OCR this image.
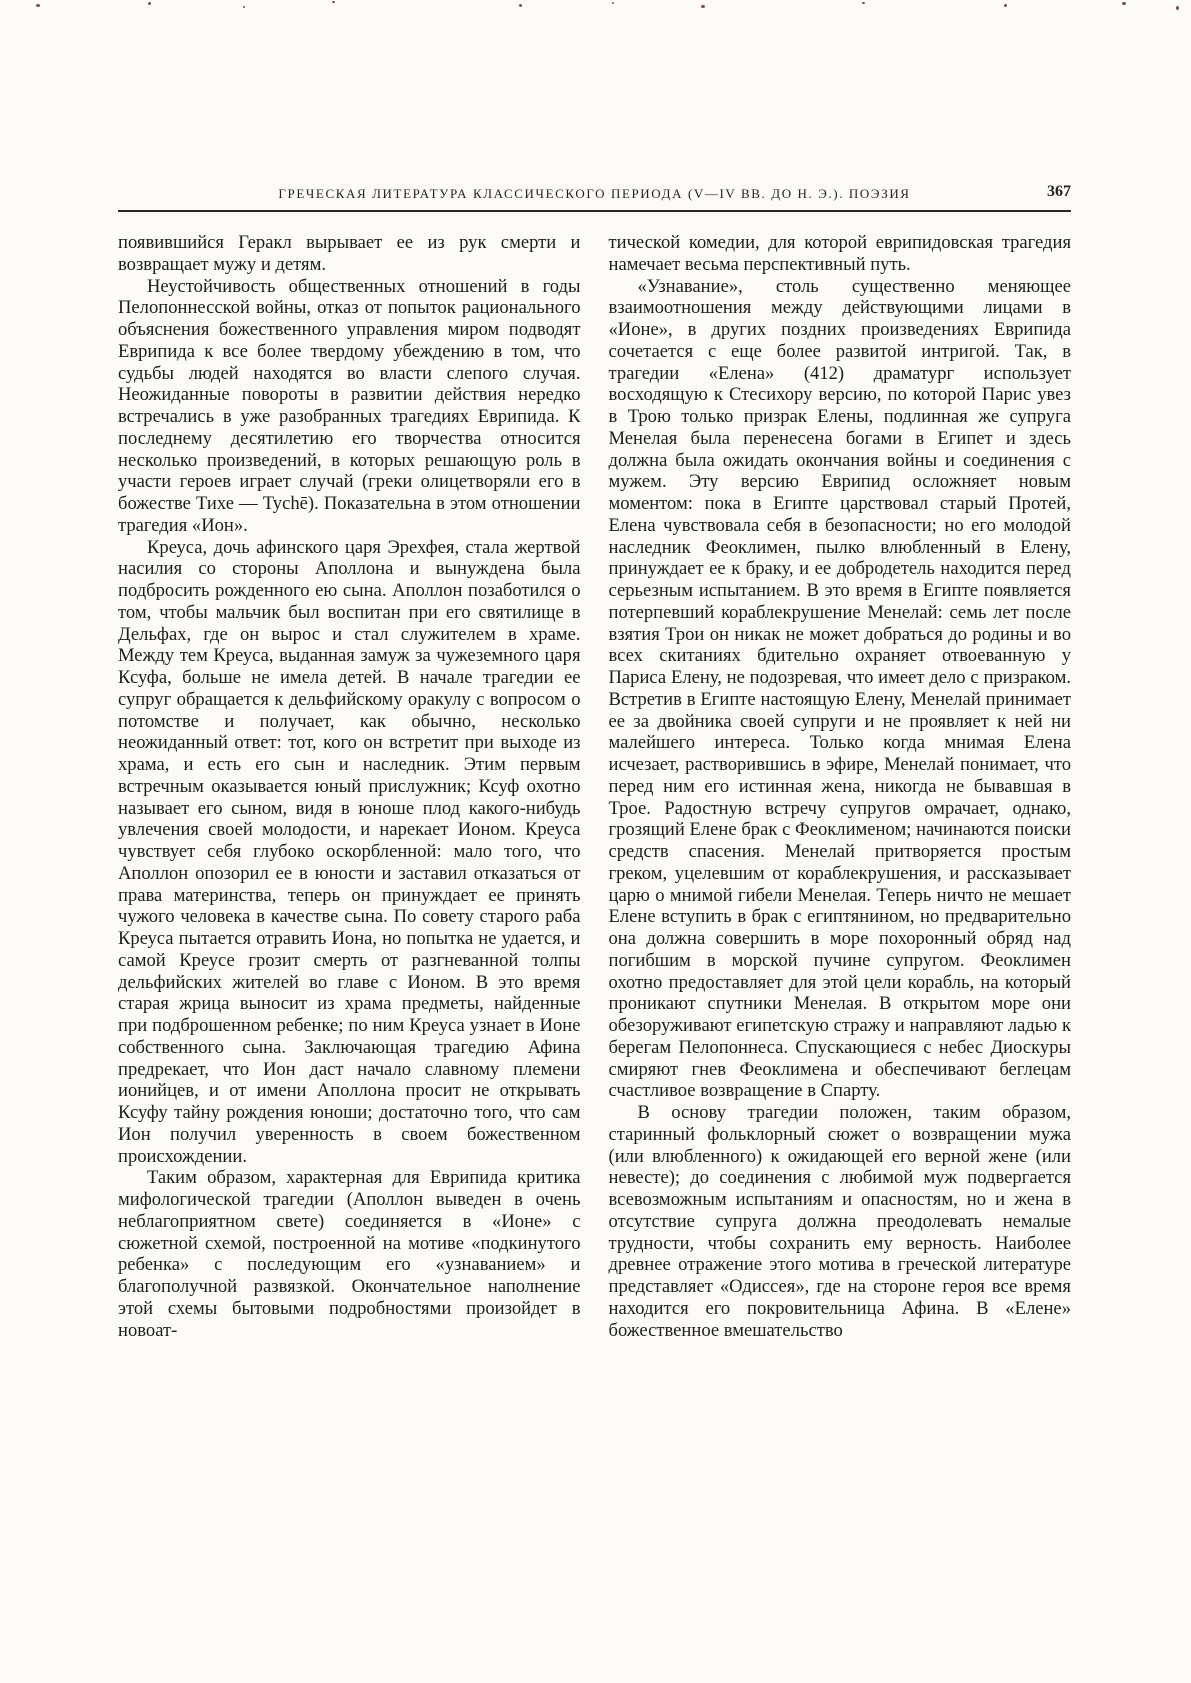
ГРЕЧЕСКАЯ ЛИТЕРАТУРА КЛАССИЧЕСКОГО ПЕРИОДА (V—IV ВВ. ДО Н. Э.). ПОЭЗИЯ	367

появившийся Геракл вырывает ее из рук смерти и возвращает мужу и детям.

Неустойчивость общественных отношений в годы Пелопоннесской войны, отказ от попыток рационального объяснения божественного управления миром подводят Еврипида к все более твердому убеждению в том, что судьбы людей находятся во власти слепого случая. Неожиданные повороты в развитии действия нередко встречались в уже разобранных трагедиях Еврипида. К последнему десятилетию его творчества относится несколько произведений, в которых решающую роль в участи героев играет случай (греки олицетворяли его в божестве Тихе — Tychē). Показательна в этом отношении трагедия «Ион».

Креуса, дочь афинского царя Эрехфея, стала жертвой насилия со стороны Аполлона и вынуждена была подбросить рожденного ею сына. Аполлон позаботился о том, чтобы мальчик был воспитан при его святилище в Дельфах, где он вырос и стал служителем в храме. Между тем Креуса, выданная замуж за чужеземного царя Ксуфа, больше не имела детей. В начале трагедии ее супруг обращается к дельфийскому оракулу с вопросом о потомстве и получает, как обычно, несколько неожиданный ответ: тот, кого он встретит при выходе из храма, и есть его сын и наследник. Этим первым встречным оказывается юный прислужник; Ксуф охотно называет его сыном, видя в юноше плод какого-нибудь увлечения своей молодости, и нарекает Ионом. Креуса чувствует себя глубоко оскорбленной: мало того, что Аполлон опозорил ее в юности и заставил отказаться от права материнства, теперь он принуждает ее принять чужого человека в качестве сына. По совету старого раба Креуса пытается отравить Иона, но попытка не удается, и самой Креусе грозит смерть от разгневанной толпы дельфийских жителей во главе с Ионом. В это время старая жрица выносит из храма предметы, найденные при подброшенном ребенке; по ним Креуса узнает в Ионе собственного сына. Заключающая трагедию Афина предрекает, что Ион даст начало славному племени ионийцев, и от имени Аполлона просит не открывать Ксуфу тайну рождения юноши; достаточно того, что сам Ион получил уверенность в своем божественном происхождении.

Таким образом, характерная для Еврипида критика мифологической трагедии (Аполлон выведен в очень неблагоприятном свете) соединяется в «Ионе» с сюжетной схемой, построенной на мотиве «подкинутого ребенка» с последующим его «узнаванием» и благополучной развязкой. Окончательное наполнение этой схемы бытовыми подробностями произойдет в новоат-

тической комедии, для которой еврипидовская трагедия намечает весьма перспективный путь.

«Узнавание», столь существенно меняющее взаимоотношения между действующими лицами в «Ионе», в других поздних произведениях Еврипида сочетается с еще более развитой интригой. Так, в трагедии «Елена» (412) драматург использует восходящую к Стесихору версию, по которой Парис увез в Трою только призрак Елены, подлинная же супруга Менелая была перенесена богами в Египет и здесь должна была ожидать окончания войны и соединения с мужем. Эту версию Еврипид осложняет новым моментом: пока в Египте царствовал старый Протей, Елена чувствовала себя в безопасности; но его молодой наследник Феоклимен, пылко влюбленный в Елену, принуждает ее к браку, и ее добродетель находится перед серьезным испытанием. В это время в Египте появляется потерпевший кораблекрушение Менелай: семь лет после взятия Трои он никак не может добраться до родины и во всех скитаниях бдительно охраняет отвоеванную у Париса Елену, не подозревая, что имеет дело с призраком. Встретив в Египте настоящую Елену, Менелай принимает ее за двойника своей супруги и не проявляет к ней ни малейшего интереса. Только когда мнимая Елена исчезает, растворившись в эфире, Менелай понимает, что перед ним его истинная жена, никогда не бывавшая в Трое. Радостную встречу супругов омрачает, однако, грозящий Елене брак с Феоклименом; начинаются поиски средств спасения. Менелай притворяется простым греком, уцелевшим от кораблекрушения, и рассказывает царю о мнимой гибели Менелая. Теперь ничто не мешает Елене вступить в брак с египтянином, но предварительно она должна совершить в море похоронный обряд над погибшим в морской пучине супругом. Феоклимен охотно предоставляет для этой цели корабль, на который проникают спутники Менелая. В открытом море они обезоруживают египетскую стражу и направляют ладью к берегам Пелопоннеса. Спускающиеся с небес Диоскуры смиряют гнев Феоклимена и обеспечивают беглецам счастливое возвращение в Спарту.

В основу трагедии положен, таким образом, старинный фольклорный сюжет о возвращении мужа (или влюбленного) к ожидающей его верной жене (или невесте); до соединения с любимой муж подвергается всевозможным испытаниям и опасностям, но и жена в отсутствие супруга должна преодолевать немалые трудности, чтобы сохранить ему верность. Наиболее древнее отражение этого мотива в греческой литературе представляет «Одиссея», где на стороне героя все время находится его покровительница Афина. В «Елене» божественное вмешательство
